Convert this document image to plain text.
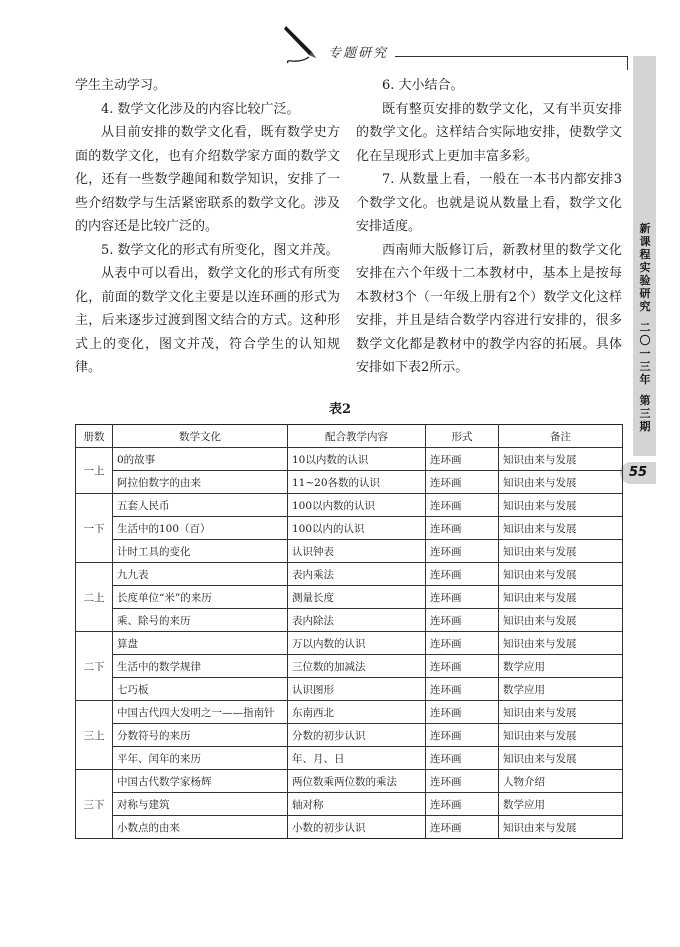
专题研究
新
课
程
实
验
研
究
二
〇
一
三
年
第
三
期
55

学生主动学习。

4. 数学文化涉及的内容比较广泛。

从目前安排的数学文化看，既有数学史方面的数学文化，也有介绍数学家方面的数学文化，还有一些数学趣闻和数学知识，安排了一些介绍数学与生活紧密联系的数学文化。涉及的内容还是比较广泛的。

5. 数学文化的形式有所变化，图文并茂。

从表中可以看出，数学文化的形式有所变化，前面的数学文化主要是以连环画的形式为主，后来逐步过渡到图文结合的方式。这种形式上的变化，图文并茂，符合学生的认知规律。

6. 大小结合。

既有整页安排的数学文化，又有半页安排的数学文化。这样结合实际地安排，使数学文化在呈现形式上更加丰富多彩。

7. 从数量上看，一般在一本书内都安排3个数学文化。也就是说从数量上看，数学文化安排适度。

西南师大版修订后，新教材里的数学文化安排在六个年级十二本教材中，基本上是按每本教材3个（一年级上册有2个）数学文化这样安排，并且是结合数学内容进行安排的，很多数学文化都是教材中的教学内容的拓展。具体安排如下表2所示。

表2
册数	数学文化	配合教学内容	形式	备注
一上	0的故事	10以内数的认识	连环画	知识由来与发展
	阿拉伯数字的由来	11~20各数的认识	连环画	知识由来与发展
一下	五套人民币	100以内数的认识	连环画	知识由来与发展
	生活中的100（百）	100以内的认识	连环画	知识由来与发展
	计时工具的变化	认识钟表	连环画	知识由来与发展
二上	九九表	表内乘法	连环画	知识由来与发展
	长度单位“米”的来历	测量长度	连环画	知识由来与发展
	乘、除号的来历	表内除法	连环画	知识由来与发展
二下	算盘	万以内数的认识	连环画	知识由来与发展
	生活中的数学规律	三位数的加减法	连环画	数学应用
	七巧板	认识图形	连环画	数学应用
三上	中国古代四大发明之一——指南针	东南西北	连环画	知识由来与发展
	分数符号的来历	分数的初步认识	连环画	知识由来与发展
	平年、闰年的来历	年、月、日	连环画	知识由来与发展
三下	中国古代数学家杨辉	两位数乘两位数的乘法	连环画	人物介绍
	对称与建筑	轴对称	连环画	数学应用
	小数点的由来	小数的初步认识	连环画	知识由来与发展
